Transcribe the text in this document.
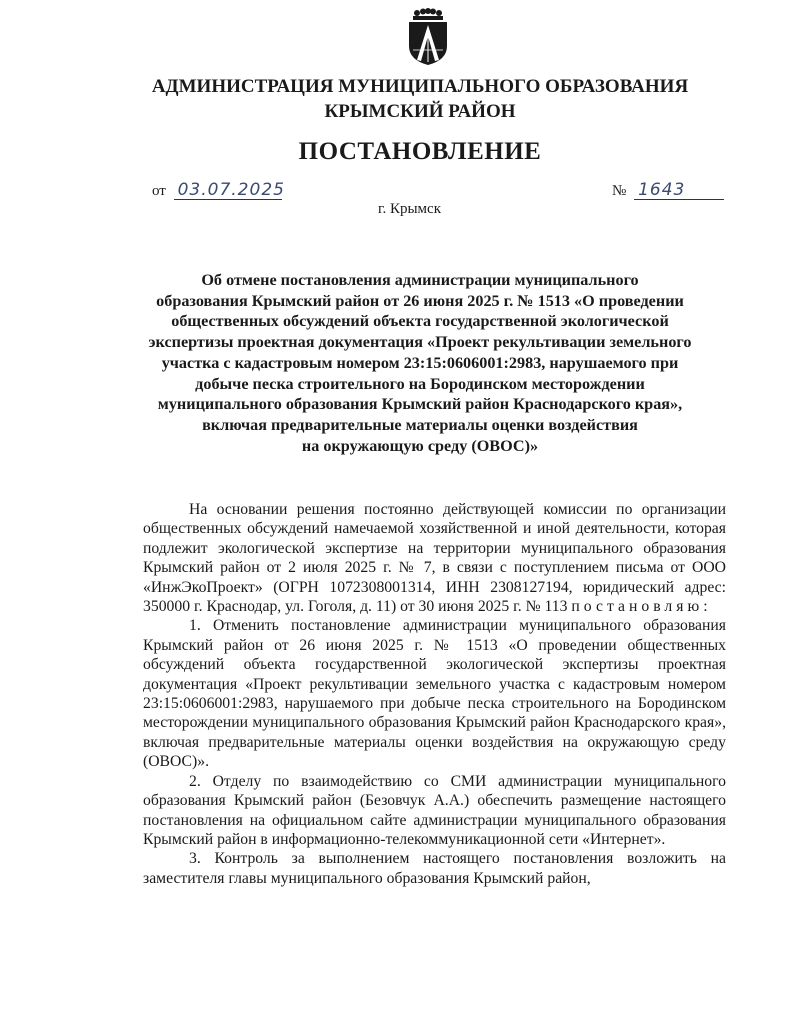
АДМИНИСТРАЦИЯ МУНИЦИПАЛЬНОГО ОБРАЗОВАНИЯ
КРЫМСКИЙ РАЙОН
ПОСТАНОВЛЕНИЕ
от 03.07.2025	№ 1643
г. Крымск
Об отмене постановления администрации муниципального
образования Крымский район от 26 июня 2025 г. № 1513 «О проведении
общественных обсуждений объекта государственной экологической
экспертизы проектная документация «Проект рекультивации земельного
участка с кадастровым номером 23:15:0606001:2983, нарушаемого при
добыче песка строительного на Бородинском месторождении
муниципального образования Крымский район Краснодарского края»,
включая предварительные материалы оценки воздействия
на окружающую среду (ОВОС)»

На основании решения постоянно действующей комиссии по организации общественных обсуждений намечаемой хозяйственной и иной деятельности, которая подлежит экологической экспертизе на территории муниципального образования Крымский район от 2 июля 2025 г. № 7, в связи с поступлением письма от ООО «ИнжЭкоПроект» (ОГРН 1072308001314, ИНН 2308127194, юридический адрес: 350000 г. Краснодар, ул. Гоголя, д. 11) от 30 июня 2025 г. № 113 постановляю:

1. Отменить постановление администрации муниципального образования Крымский район от 26 июня 2025 г. № 1513 «О проведении общественных обсуждений объекта государственной экологической экспертизы проектная документация «Проект рекультивации земельного участка с кадастровым номером 23:15:0606001:2983, нарушаемого при добыче песка строительного на Бородинском месторождении муниципального образования Крымский район Краснодарского края», включая предварительные материалы оценки воздействия на окружающую среду (ОВОС)».

2. Отделу по взаимодействию со СМИ администрации муниципального образования Крымский район (Безовчук А.А.) обеспечить размещение настоящего постановления на официальном сайте администрации муниципального образования Крымский район в информационно-телекоммуникационной сети «Интернет».

3. Контроль за выполнением настоящего постановления возложить на заместителя главы муниципального образования Крымский район,
